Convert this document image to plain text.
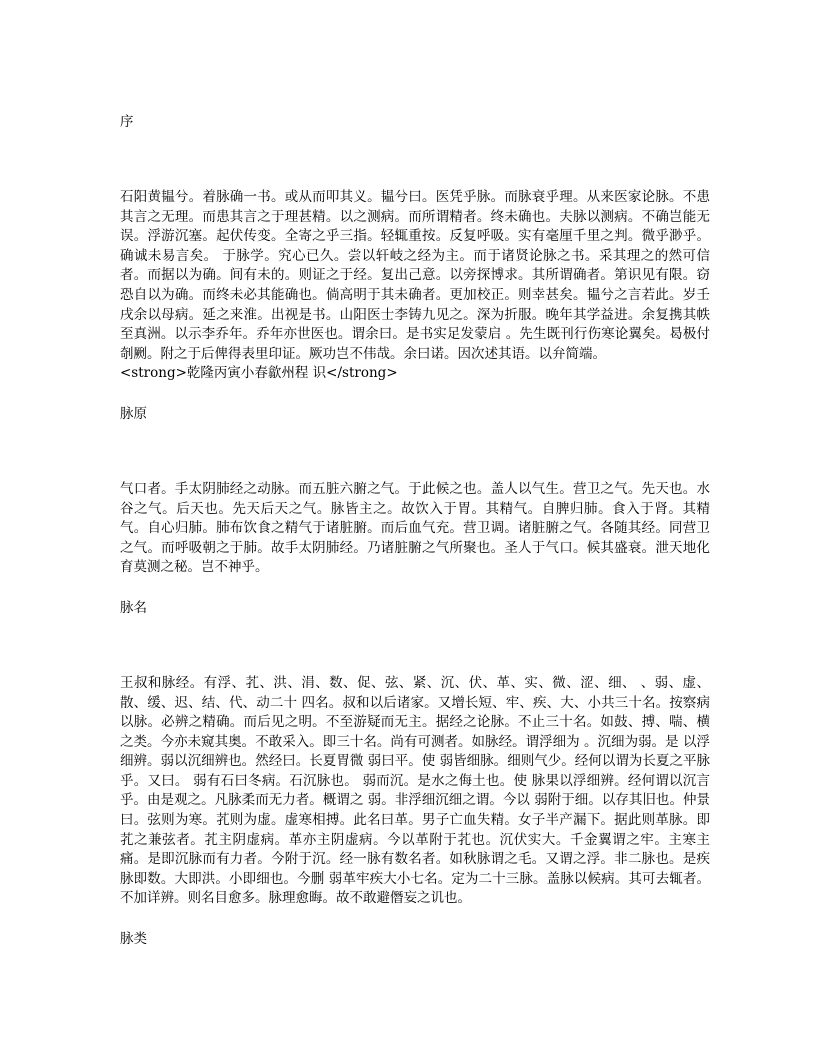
序

石阳黄韫兮。着脉确一书。或从而叩其义。韫兮曰。医凭乎脉。而脉衰乎理。从来医家论脉。不患其言之无理。而患其言之于理甚精。以之测病。而所谓精者。终未确也。夫脉以测病。不确岂能无误。浮游沉塞。起伏传变。全寄之乎三指。轻辄重按。反复呼吸。实有毫厘千里之判。微乎渺乎。确诚未易言矣。 于脉学。究心已久。尝以轩岐之经为主。而于诸贤论脉之书。采其理之的然可信者。而据以为确。间有未的。则证之于经。复出己意。以旁探博求。其所谓确者。第识见有限。窃恐自以为确。而终未必其能确也。倘高明于其未确者。更加校正。则幸甚矣。韫兮之言若此。岁壬戌余以母病。延之来淮。出视是书。山阳医士李铸九见之。深为折服。晚年其学益进。余复携其帙至真洲。以示李乔年。乔年亦世医也。谓余曰。是书实足发蒙启 。先生既刊行伤寒论翼矣。曷极付剞劂。附之于后俾得表里印证。厥功岂不伟哉。余曰诺。因次述其语。以弁简端。

<strong>乾隆丙寅小春歙州程 识</strong>

脉原

气口者。手太阴肺经之动脉。而五脏六腑之气。于此候之也。盖人以气生。营卫之气。先天也。水谷之气。后天也。先天后天之气。脉皆主之。故饮入于胃。其精气。自脾归肺。食入于肾。其精气。自心归肺。肺布饮食之精气于诸脏腑。而后血气充。营卫调。诸脏腑之气。各随其经。同营卫之气。而呼吸朝之于肺。故手太阴肺经。乃诸脏腑之气所聚也。圣人于气口。候其盛衰。泄天地化育莫测之秘。岂不神乎。

脉名

王叔和脉经。有浮、芤、洪、涓、数、促、弦、紧、沉、伏、革、实、微、涩、细、 、弱、虚、散、缓、迟、结、代、动二十 四名。叔和以后诸家。又增长短、牢、疾、大、小共三十名。按察病以脉。必辨之精确。而后见之明。不至游疑而无主。据经之论脉。不止三十名。如鼓、搏、喘、横之类。今亦未窥其奥。不敢采入。即三十名。尚有可测者。如脉经。谓浮细为 。沉细为弱。是 以浮细辨。弱以沉细辨也。然经曰。长夏胃微 弱曰平。使 弱皆细脉。细则气少。经何以谓为长夏之平脉乎。又曰。 弱有石曰冬病。石沉脉也。 弱而沉。是水之侮土也。使 脉果以浮细辨。经何谓以沉言乎。由是观之。凡脉柔而无力者。概谓之 弱。非浮细沉细之谓。今以 弱附于细。以存其旧也。仲景曰。弦则为寒。芤则为虚。虚寒相搏。此名曰革。男子亡血失精。女子半产漏下。据此则革脉。即芤之兼弦者。芤主阴虚病。革亦主阴虚病。今以革附于芤也。沉伏实大。千金翼谓之牢。主寒主痛。是即沉脉而有力者。今附于沉。经一脉有数名者。如秋脉谓之毛。又谓之浮。非二脉也。是疾脉即数。大即洪。小即细也。今删 弱革牢疾大小七名。定为二十三脉。盖脉以候病。其可去辄者。不加详辨。则名目愈多。脉理愈晦。故不敢避僭妄之讥也。

脉类
